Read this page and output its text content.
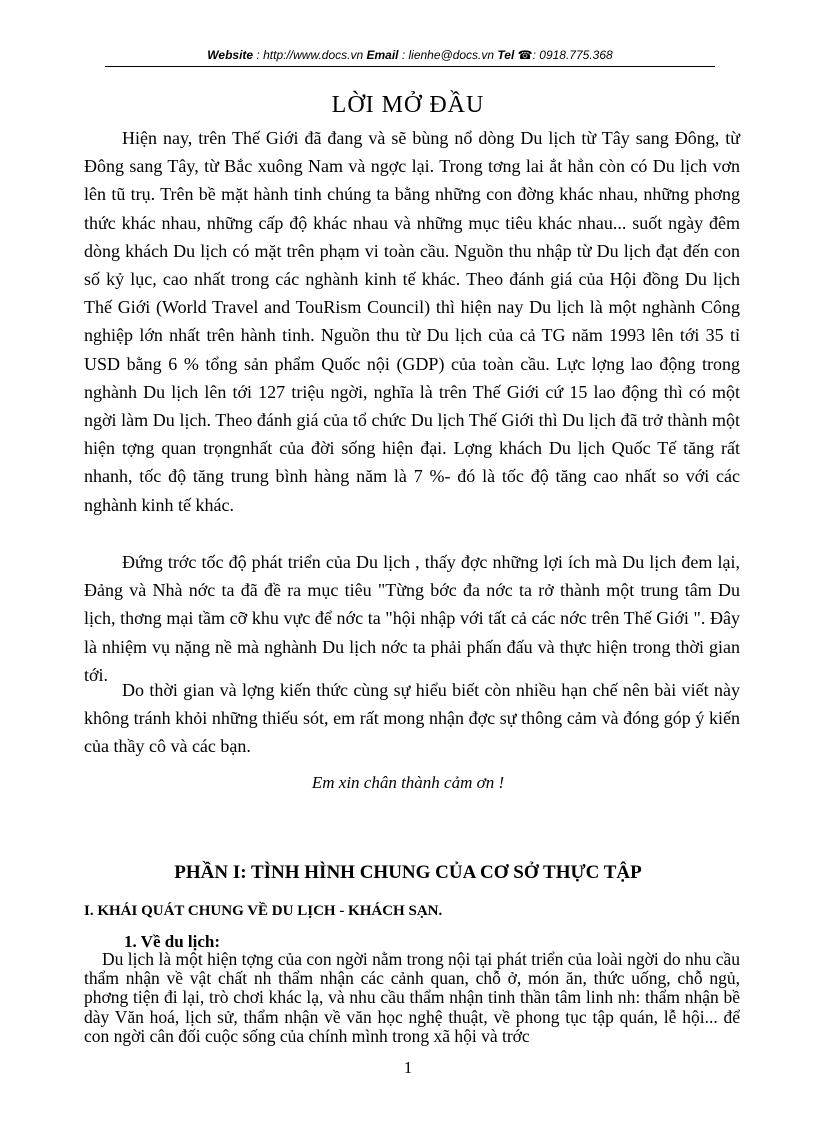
Website : http://www.docs.vn Email : lienhe@docs.vn Tel ☎: 0918.775.368
LỜI MỞ ĐẦU

Hiện nay, trên Thế Giới đã đang và sẽ bùng nổ dòng Du lịch từ Tây sang Đông, từ Đông sang Tây, từ Bắc xuông Nam và ngợc lại. Trong tơng lai ắt hẳn còn có Du lịch vơn lên tũ trụ. Trên bề mặt hành tinh chúng ta bằng những con đờng khác nhau, những phơng thức khác nhau, những cấp độ khác nhau và những mục tiêu khác nhau... suốt ngày đêm dòng khách Du lịch có mặt trên phạm vi toàn cầu. Nguồn thu nhập từ Du lịch đạt đến con số kỷ lục, cao nhất trong các nghành kinh tế khác. Theo đánh giá của Hội đồng Du lịch Thế Giới (World Travel and TouRism Council) thì hiện nay Du lịch là một nghành Công nghiệp lớn nhất trên hành tinh. Nguồn thu từ Du lịch của cả TG năm 1993 lên tới 35 tỉ USD bằng 6 % tổng sản phẩm Quốc nội (GDP) của toàn cầu. Lực lợng lao động trong nghành Du lịch lên tới 127 triệu ngời, nghĩa là trên Thế Giới cứ 15 lao động thì có một ngời làm Du lịch. Theo đánh giá của tổ chức Du lịch Thế Giới thì Du lịch đã trở thành một hiện tợng quan trọngnhất của đời sống hiện đại. Lợng khách Du lịch Quốc Tế tăng rất nhanh, tốc độ tăng trung bình hàng năm là 7 %- đó là tốc độ tăng cao nhất so với các nghành kinh tế khác.

Đứng trớc tốc độ phát triển của Du lịch , thấy đợc những lợi ích mà Du lịch đem lại, Đảng và Nhà nớc ta đã đề ra mục tiêu "Từng bớc đa nớc ta rở thành một trung tâm Du lịch, thơng mại tầm cỡ khu vực để nớc ta "hội nhập với tất cả các nớc trên Thế Giới ". Đây là nhiệm vụ nặng nề mà nghành Du lịch nớc ta phải phấn đấu và thực hiện trong thời gian tới.

Do thời gian và lợng kiến thức cùng sự hiểu biết còn nhiều hạn chế nên bài viết này không tránh khỏi những thiếu sót, em rất mong nhận đợc sự thông cảm và đóng góp ý kiến của thầy cô và các bạn.

Em xin chân thành cảm ơn !
PHẦN I: TÌNH HÌNH CHUNG CỦA CƠ SỞ THỰC TẬP
I. KHÁI QUÁT CHUNG VỀ DU LỊCH - KHÁCH SẠN.
1. Về du lịch:

Du lịch là một hiện tợng của con ngời nằm trong nội tại phát triển của loài ngời do nhu cầu thẩm nhận về vật chất nh thẩm nhận các cảnh quan, chỗ ở, món ăn, thức uống, chỗ ngủ, phơng tiện đi lại, trò chơi khác lạ, và nhu cầu thẩm nhận tinh thần tâm linh nh: thẩm nhận bề dày Văn hoá, lịch sử, thẩm nhận về văn học nghệ thuật, về phong tục tập quán, lễ hội... để con ngời cân đối cuộc sống của chính mình trong xã hội và trớc

1
